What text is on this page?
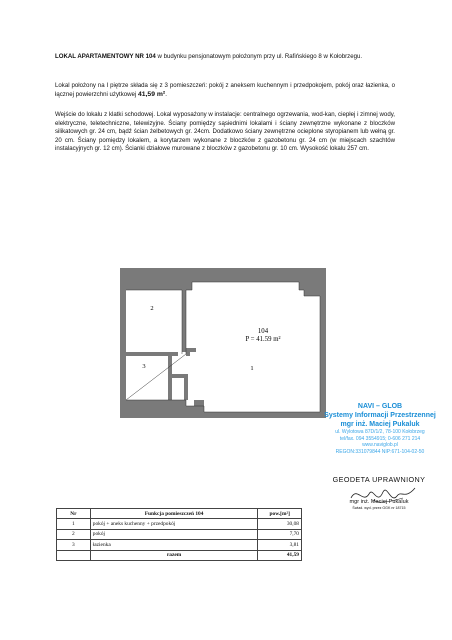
LOKAL APARTAMENTOWY NR 104 w budynku pensjonatowym położonym przy ul. Rafińskiego 8 w Kołobrzegu.

Lokal położony na I piętrze składa się z 3 pomieszczeń: pokój z aneksem kuchennym i przedpokojem, pokój oraz łazienka, o łącznej powierzchni użytkowej 41,59 m².

Wejście do lokalu z klatki schodowej. Lokal wyposażony w instalacje: centralnego ogrzewania, wod-kan, ciepłej i zimnej wody, elektryczne, teletechniczne, telewizyjne. Ściany pomiędzy sąsiednimi lokalami i ściany zewnętrzne wykonane z bloczków silikatowych gr. 24 cm, bądź ścian żelbetowych gr. 24cm. Dodatkowo ściany zewnętrzne ocieplone styropianem lub wełną gr. 20 cm. Ściany pomiędzy lokalem, a korytarzem wykonane z bloczków z gazobetonu gr. 24 cm (w miejscach szachtów instalacyjnych gr. 12 cm). Ścianki działowe murowane z bloczków z gazobetonu gr. 10 cm. Wysokość lokalu 257 cm.

2
3	1
104
P = 41.59 m²
NAVI – GLOB
Systemy Informacji Przestrzennej
mgr inż. Maciej Pukaluk
ul. Wylotowa 87D/1/2, 78-100 Kołobrzeg
tel/fax. 094 3554915; 0-606 271 214
www.naviglob.pl
REGON:331079844 NIP:671-104-02-50
GEODETA UPRAWNIONY
mgr inż. Maciej Pukaluk
Świad. wyd. przez GGK nr 18715
Nr	Funkcja pomieszczeń 104	pow.[m²]
1	pokój + aneks kuchenny + przedpokój	30,08
2	pokój	7,70
3	łazienka	3,81
	razem	41,59
